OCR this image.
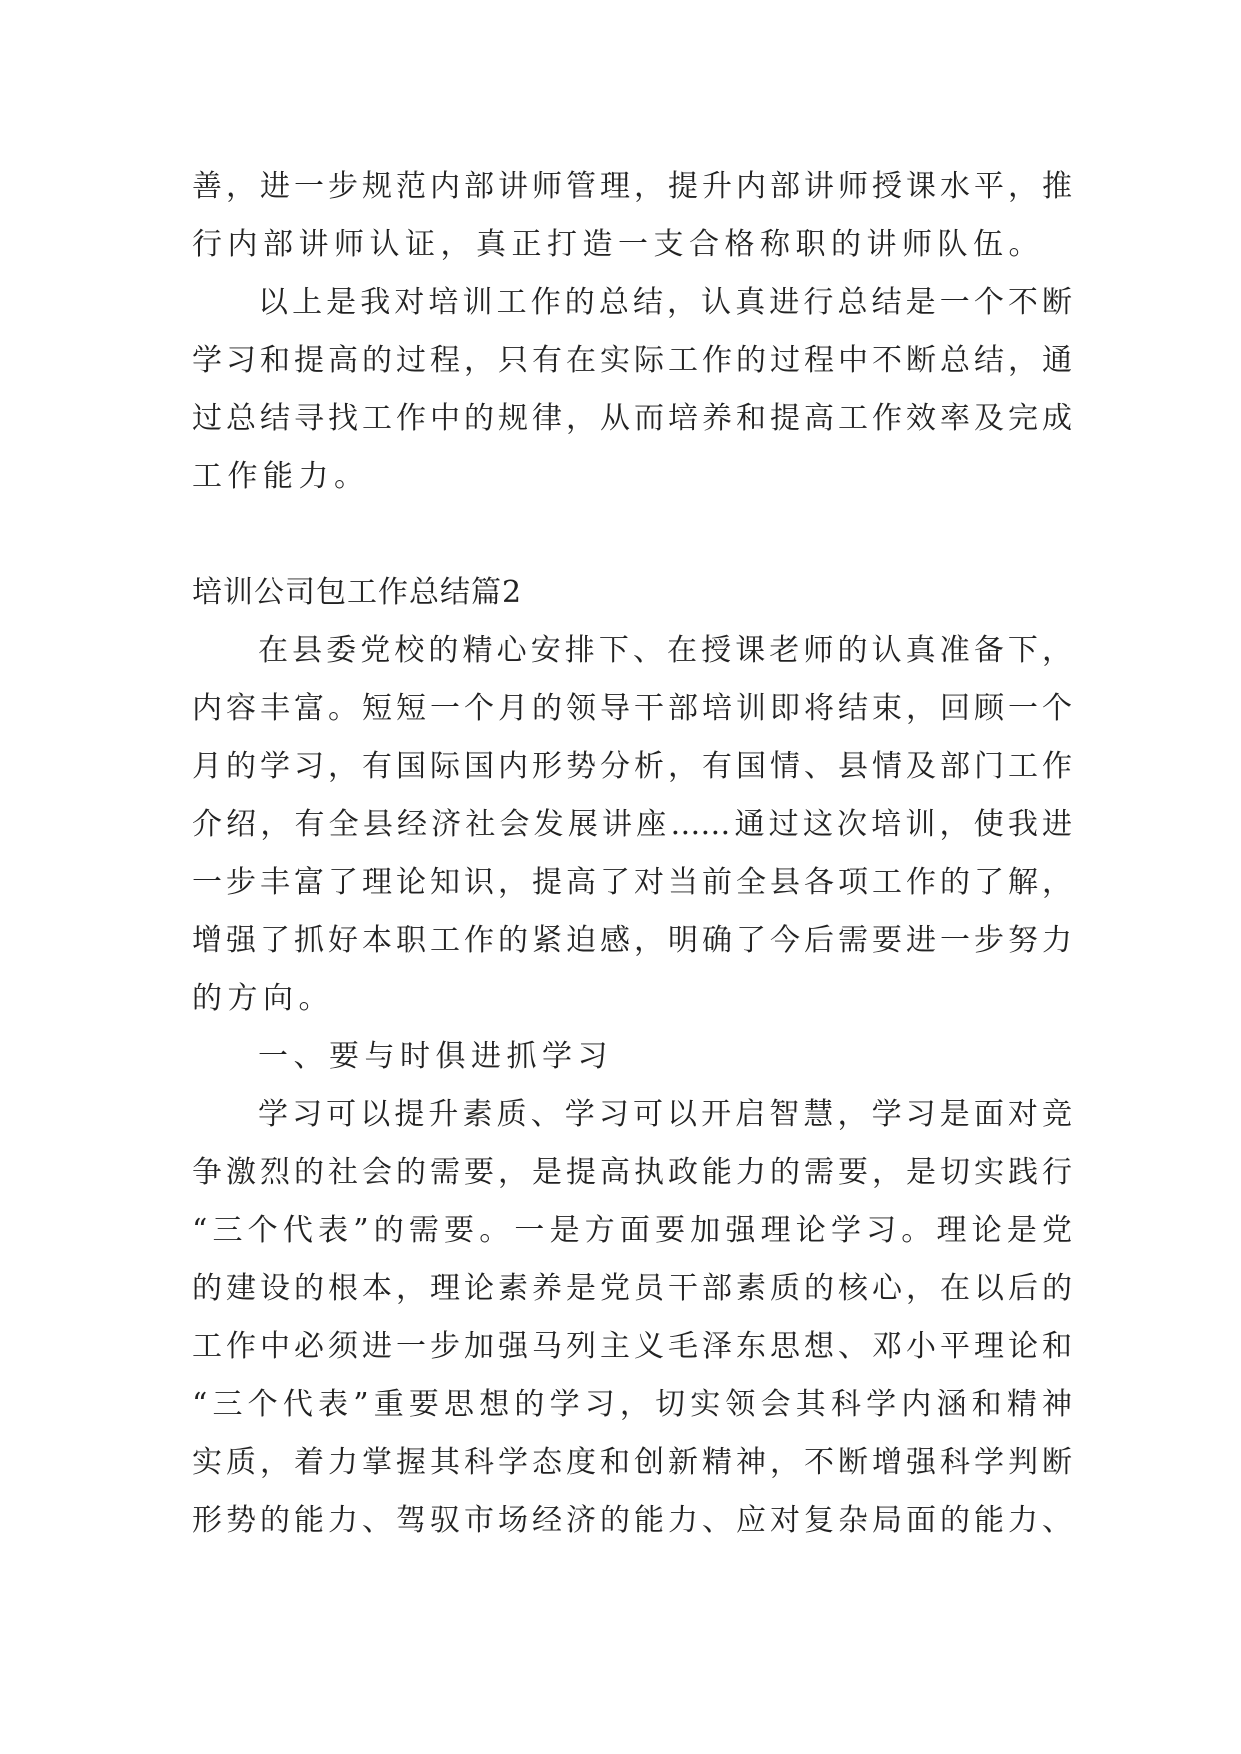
善，进一步规范内部讲师管理，提升内部讲师授课水平，推
行内部讲师认证，真正打造一支合格称职的讲师队伍。
以上是我对培训工作的总结，认真进行总结是一个不断
学习和提高的过程，只有在实际工作的过程中不断总结，通
过总结寻找工作中的规律，从而培养和提高工作效率及完成
工作能力。
培训公司包工作总结篇2
在县委党校的精心安排下、在授课老师的认真准备下，
内容丰富。短短一个月的领导干部培训即将结束，回顾一个
月的学习，有国际国内形势分析，有国情、县情及部门工作
介绍，有全县经济社会发展讲座……通过这次培训，使我进
一步丰富了理论知识，提高了对当前全县各项工作的了解，
增强了抓好本职工作的紧迫感，明确了今后需要进一步努力
的方向。
一、要与时俱进抓学习
学习可以提升素质、学习可以开启智慧，学习是面对竞
争激烈的社会的需要，是提高执政能力的需要，是切实践行
“三个代表”的需要。一是方面要加强理论学习。理论是党
的建设的根本，理论素养是党员干部素质的核心，在以后的
工作中必须进一步加强马列主义毛泽东思想、邓小平理论和
“三个代表”重要思想的学习，切实领会其科学内涵和精神
实质，着力掌握其科学态度和创新精神，不断增强科学判断
形势的能力、驾驭市场经济的能力、应对复杂局面的能力、
